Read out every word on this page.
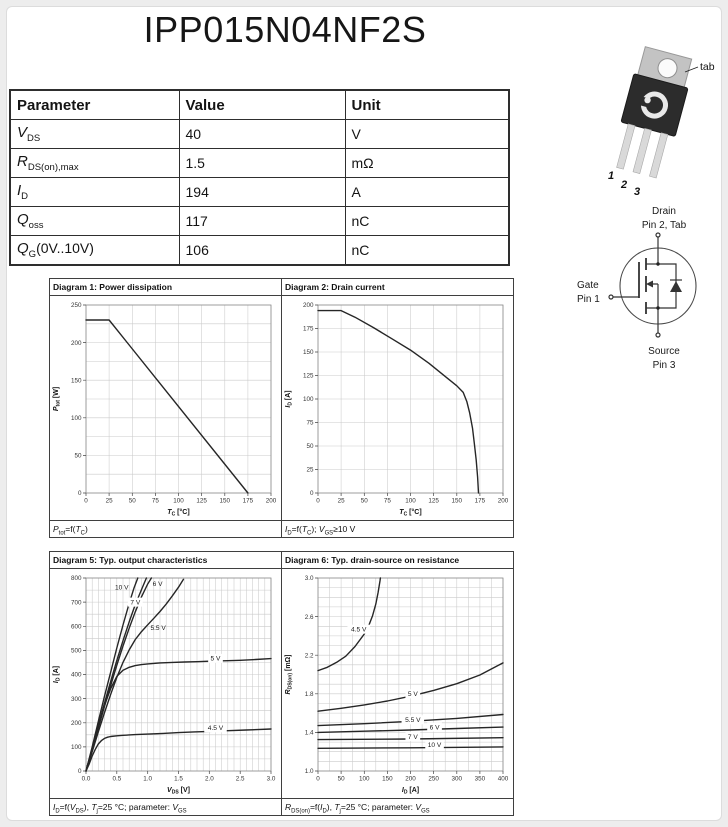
IPP015N04NF2S
Parameter	Value	Unit
$V_{DS}$	40	V
$R_{DS(on),max}$	1.5	mΩ
$I_D$	194	A
$Q_{oss}$	117	nC
$Q_G(0V..10V)$	106	nC
1
2
3
tab
Drain
Pin 2, Tab
Gate
Pin 1
Source
Pin 3
Diagram 1: Power dissipation
0	25	50	75 100 125 150 175 200
0
50
100
150
200
250
$T_C$ [°C]
$P_{tot}$ [W]
$P_{tot}=f(T_C)$
Diagram 2: Drain current
0	25	50	75 100 125 150 175 200
0
25
50
75
100
125
150
175
200
$T_C$ [°C]
$I_D$ [A]
$I_D=f(T_C)$; $V_{GS}\ge 10$ V
Diagram 5: Typ. output characteristics
0.0	0.5	1.0	1.5	2.0	2.5	3.0
0
100
200
300
400
500
600
700
800
$V_{DS}$ [V]
$I_D$ [A]
10 V
7 V
6 V
5.5 V
5 V
4.5 V
$I_D=f(V_{DS})$, $T_j=25$ °C; parameter: $V_{GS}$
Diagram 6: Typ. drain-source on resistance
0	50 100 150 200 250 300 350 400
1.0
1.4
1.8
2.2
2.6
3.0
$I_D$ [A]
$R_{DS(on)}$ [mΩ]
4.5 V
5 V
5.5 V
6 V
7 V
10 V
$R_{DS(on)}=f(I_D)$, $T_j=25$ °C; parameter: $V_{GS}$
